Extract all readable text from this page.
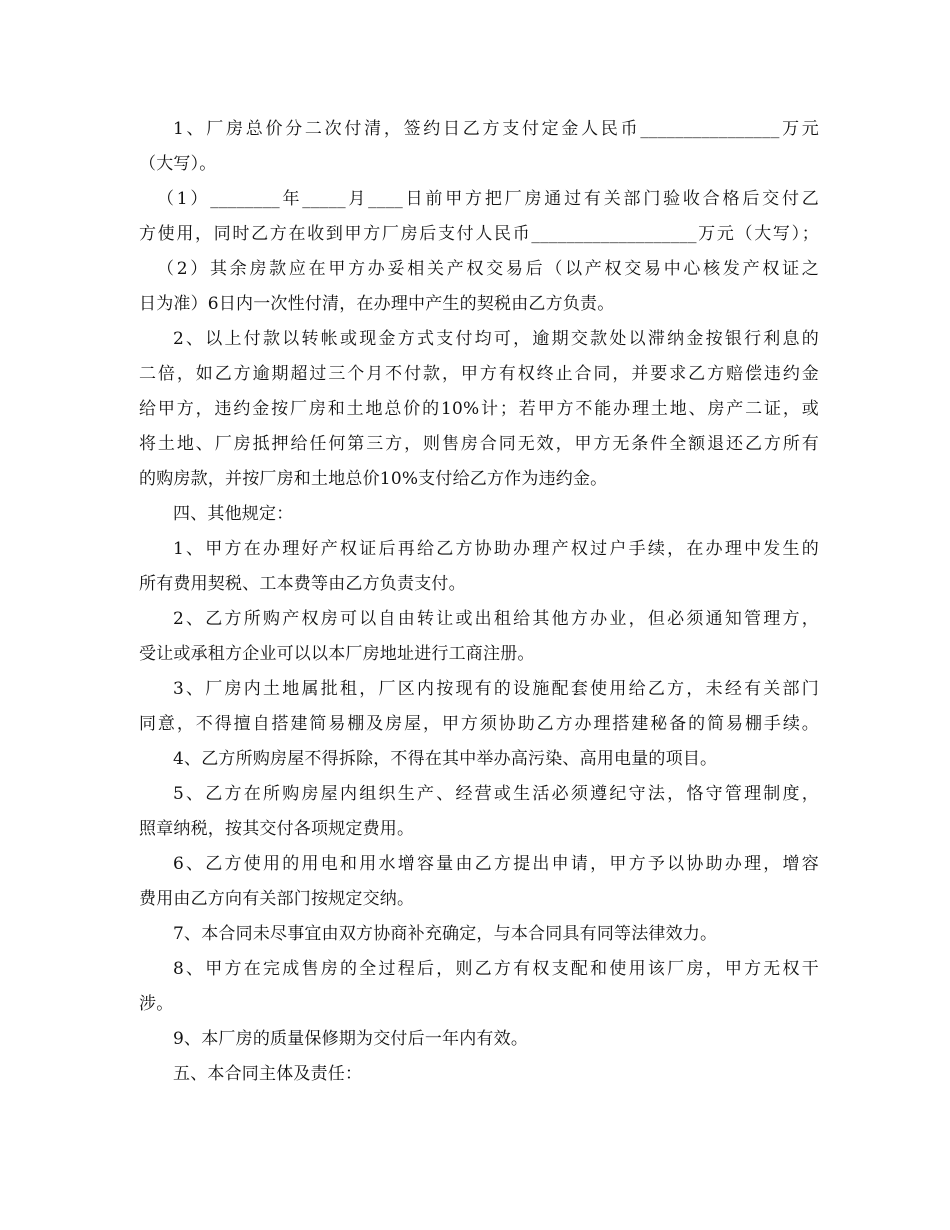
1、厂房总价分二次付清，签约日乙方支付定金人民币________________万元
（大写）。
（1）________年_____月____日前甲方把厂房通过有关部门验收合格后交付乙
方使用，同时乙方在收到甲方厂房后支付人民币___________________万元（大写）；
（2）其余房款应在甲方办妥相关产权交易后（以产权交易中心核发产权证之
日为准）6日内一次性付清，在办理中产生的契税由乙方负责。
2、以上付款以转帐或现金方式支付均可，逾期交款处以滞纳金按银行利息的
二倍，如乙方逾期超过三个月不付款，甲方有权终止合同，并要求乙方赔偿违约金
给甲方，违约金按厂房和土地总价的10%计；若甲方不能办理土地、房产二证，或
将土地、厂房抵押给任何第三方，则售房合同无效，甲方无条件全额退还乙方所有
的购房款，并按厂房和土地总价10%支付给乙方作为违约金。
四、其他规定：
1、甲方在办理好产权证后再给乙方协助办理产权过户手续，在办理中发生的
所有费用契税、工本费等由乙方负责支付。
2、乙方所购产权房可以自由转让或出租给其他方办业，但必须通知管理方，
受让或承租方企业可以以本厂房地址进行工商注册。
3、厂房内土地属批租，厂区内按现有的设施配套使用给乙方，未经有关部门
同意，不得擅自搭建简易棚及房屋，甲方须协助乙方办理搭建秘备的简易棚手续。
4、乙方所购房屋不得拆除，不得在其中举办高污染、高用电量的项目。
5、乙方在所购房屋内组织生产、经营或生活必须遵纪守法，恪守管理制度，
照章纳税，按其交付各项规定费用。
6、乙方使用的用电和用水增容量由乙方提出申请，甲方予以协助办理，增容
费用由乙方向有关部门按规定交纳。
7、本合同未尽事宜由双方协商补充确定，与本合同具有同等法律效力。
8、甲方在完成售房的全过程后，则乙方有权支配和使用该厂房，甲方无权干
涉。
9、本厂房的质量保修期为交付后一年内有效。
五、本合同主体及责任：
